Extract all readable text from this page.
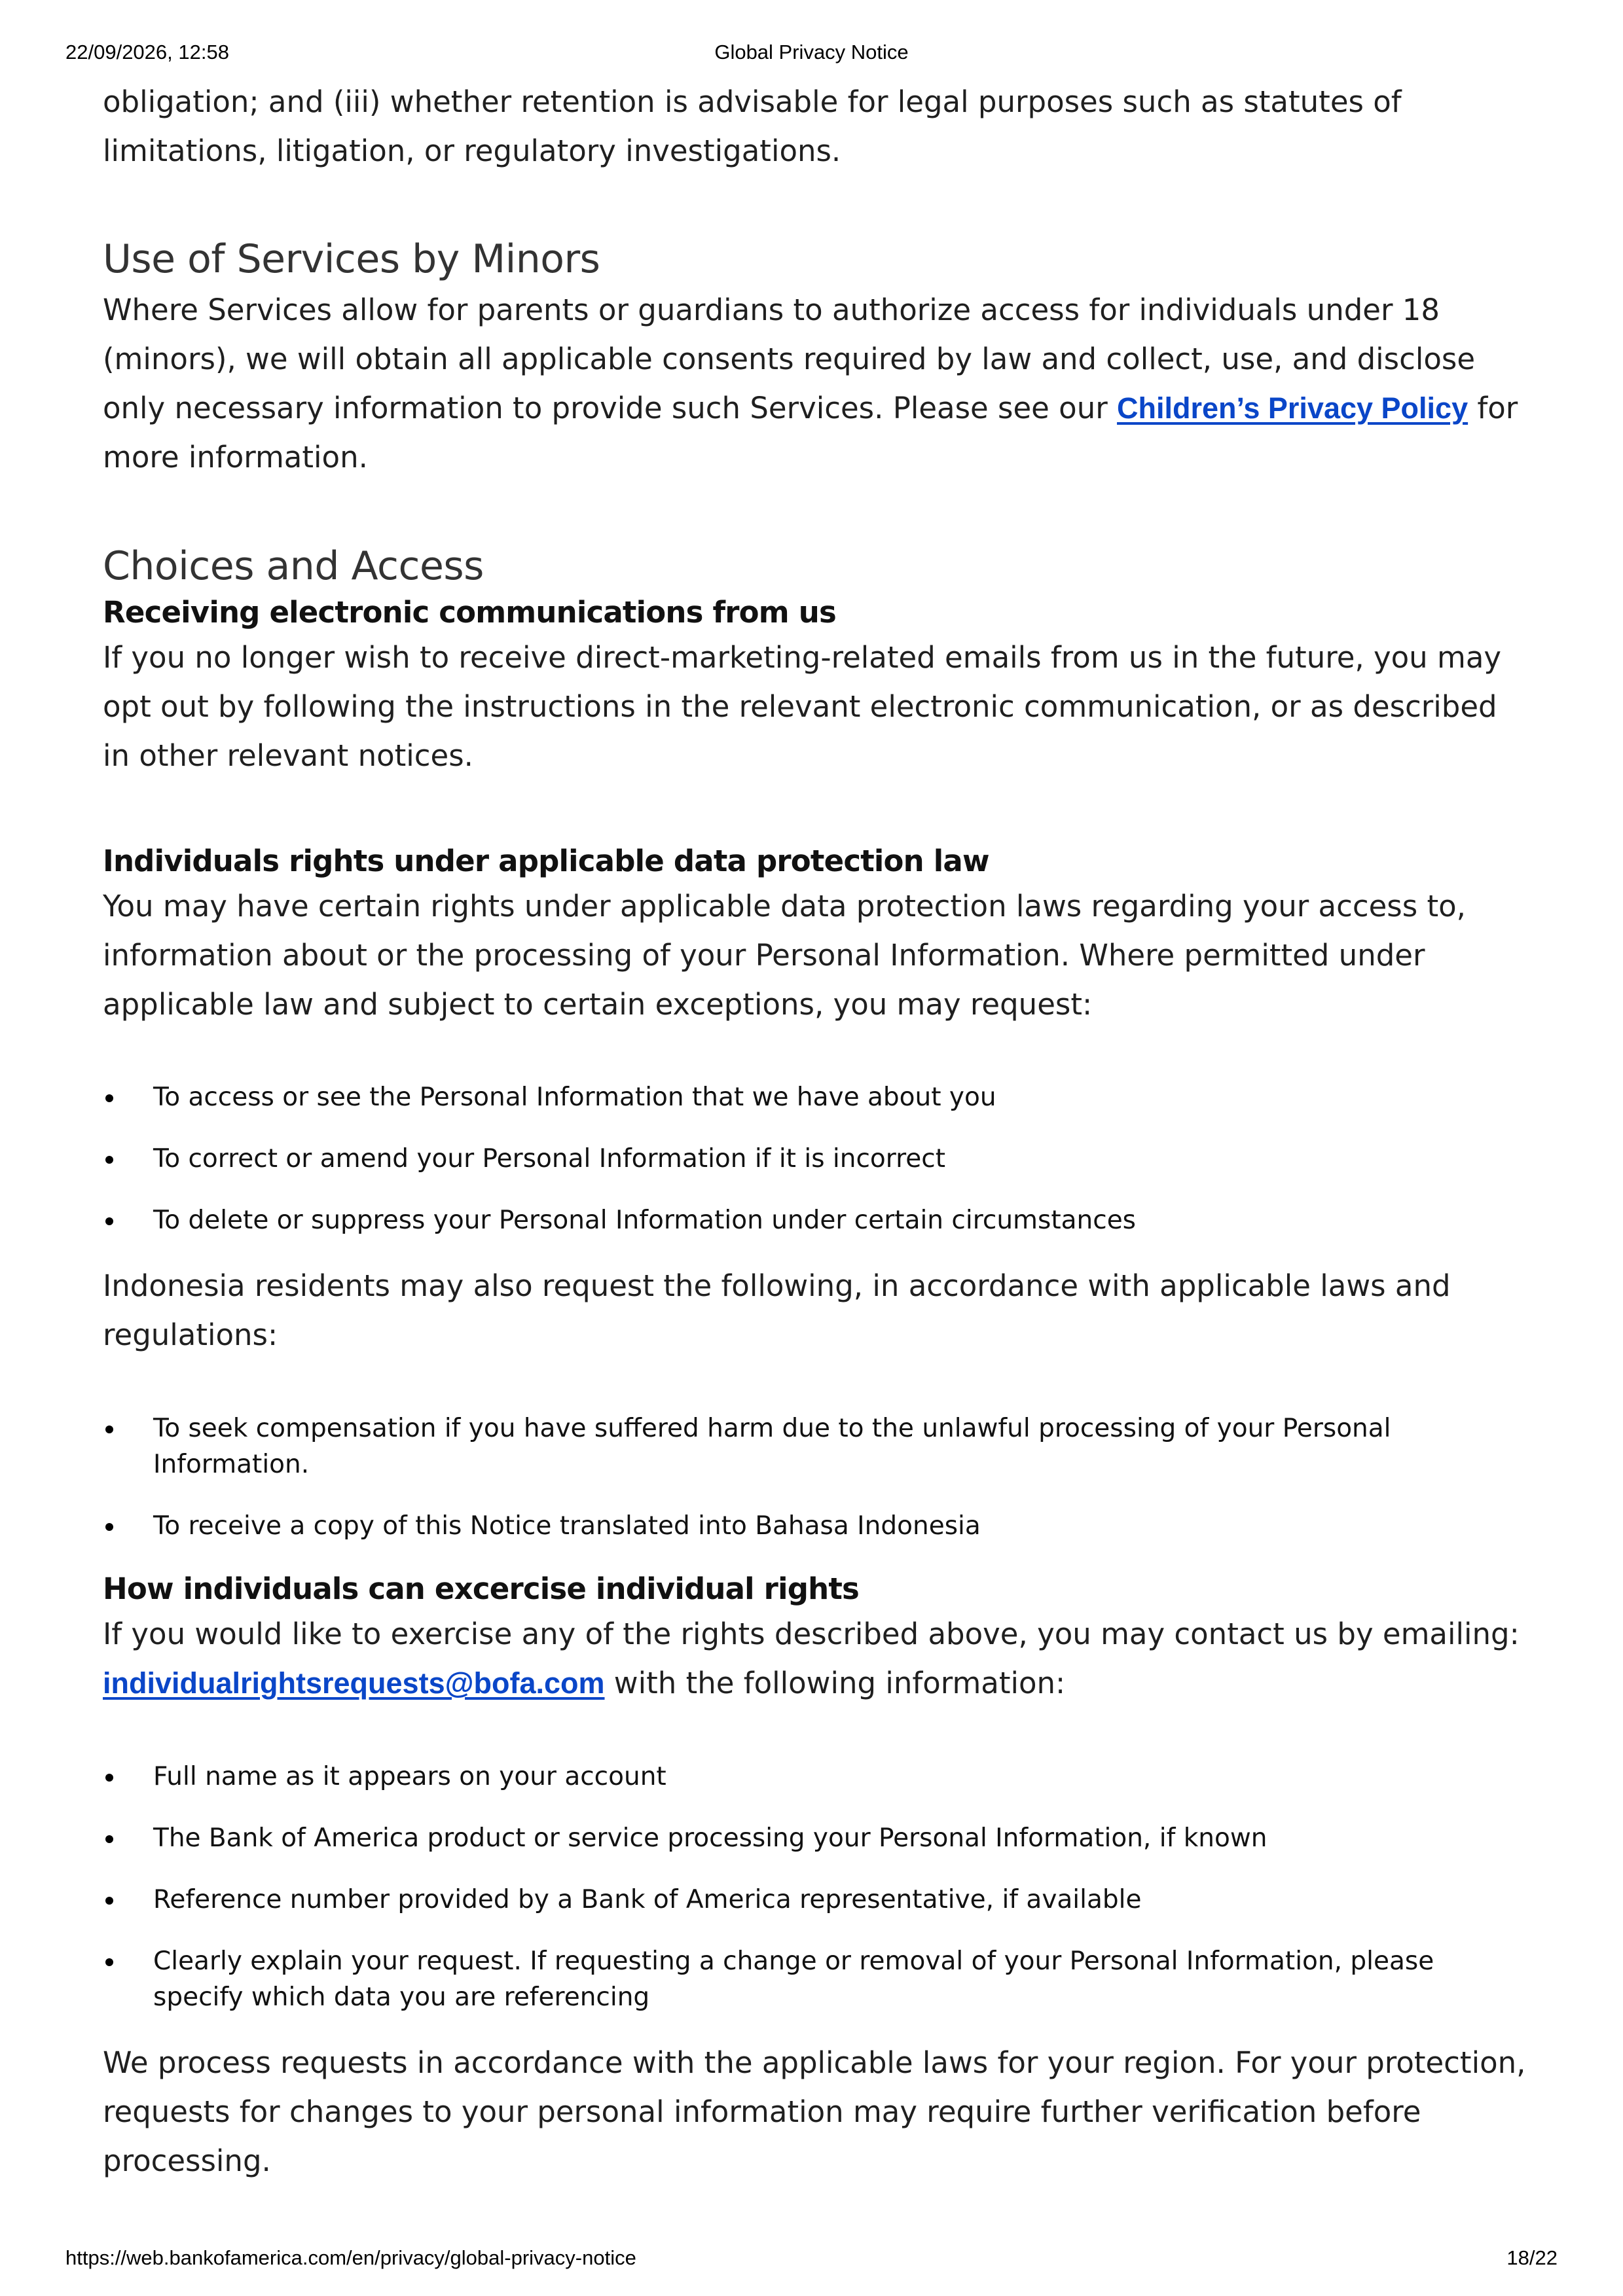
22/09/2026, 12:58	Global Privacy Notice

obligation; and (iii) whether retention is advisable for legal purposes such as statutes of limitations, litigation, or regulatory investigations.

Use of Services by Minors

Where Services allow for parents or guardians to authorize access for individuals under 18 (minors), we will obtain all applicable consents required by law and collect, use, and disclose only necessary information to provide such Services. Please see our Children’s Privacy Policy for more information.

Choices and Access
Receiving electronic communications from us

If you no longer wish to receive direct-marketing-related emails from us in the future, you may opt out by following the instructions in the relevant electronic communication, or as described in other relevant notices.

Individuals rights under applicable data protection law

You may have certain rights under applicable data protection laws regarding your access to, information about or the processing of your Personal Information. Where permitted under applicable law and subject to certain exceptions, you may request:

To access or see the Personal Information that we have about you
To correct or amend your Personal Information if it is incorrect
To delete or suppress your Personal Information under certain circumstances

Indonesia residents may also request the following, in accordance with applicable laws and regulations:

To seek compensation if you have suffered harm due to the unlawful processing of your Personal Information.
To receive a copy of this Notice translated into Bahasa Indonesia
How individuals can excercise individual rights

If you would like to exercise any of the rights described above, you may contact us by emailing: individualrightsrequests@bofa.com with the following information:

Full name as it appears on your account
The Bank of America product or service processing your Personal Information, if known
Reference number provided by a Bank of America representative, if available
Clearly explain your request. If requesting a change or removal of your Personal Information, please specify which data you are referencing

We process requests in accordance with the applicable laws for your region. For your protection, requests for changes to your personal information may require further verification before processing.

https://web.bankofamerica.com/en/privacy/global-privacy-notice	18/22
